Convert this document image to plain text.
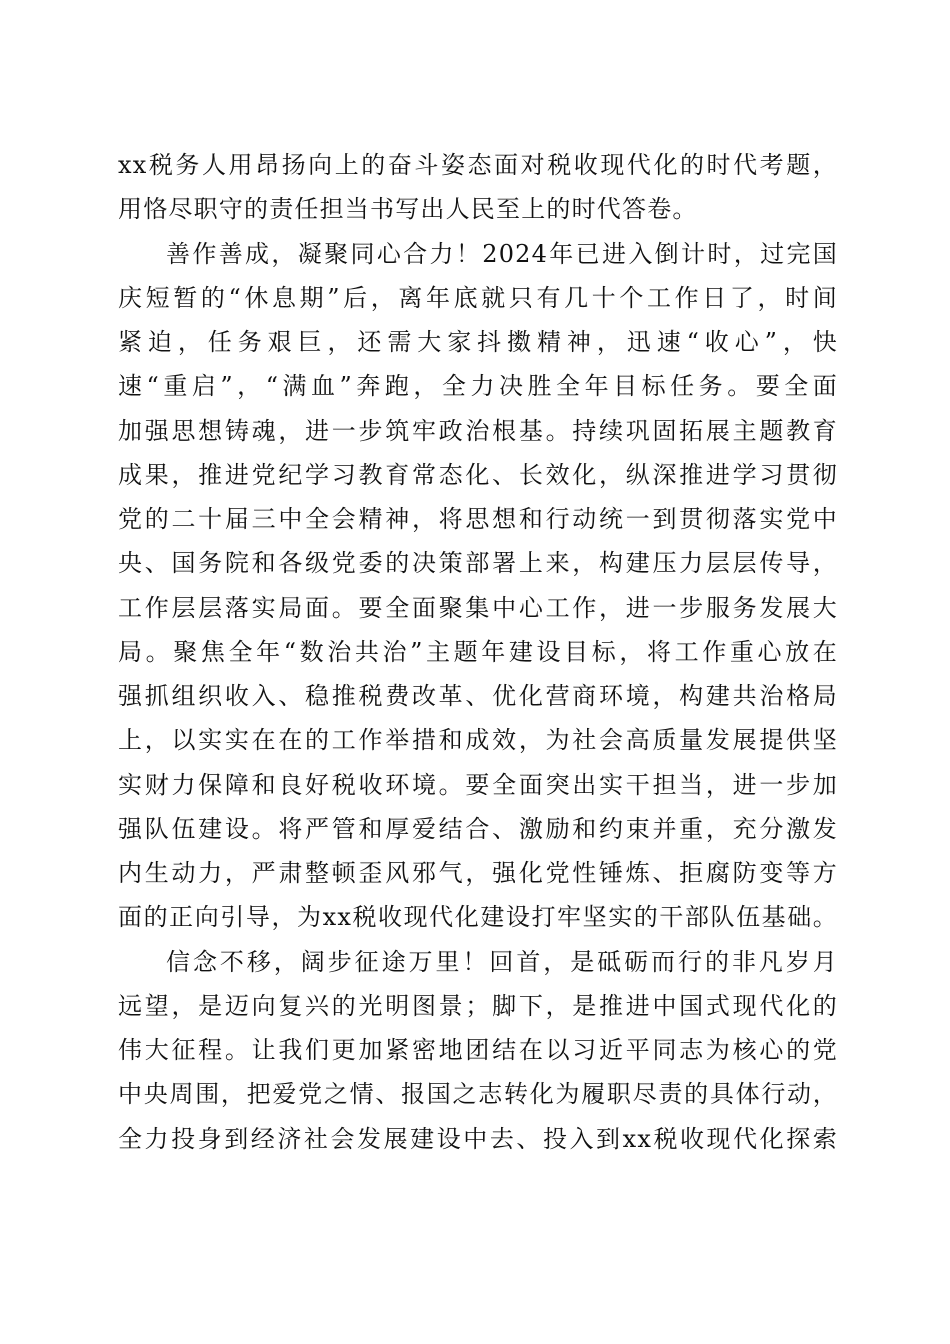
xx税务人用昂扬向上的奋斗姿态面对税收现代化的时代考题，
用恪尽职守的责任担当书写出人民至上的时代答卷。
善作善成，凝聚同心合力！2024年已进入倒计时，过完国
庆短暂的“休息期”后，离年底就只有几十个工作日了，时间
紧迫，任务艰巨，还需大家抖擞精神，迅速“收心”，快
速“重启”，“满血”奔跑，全力决胜全年目标任务。要全面
加强思想铸魂，进一步筑牢政治根基。持续巩固拓展主题教育
成果，推进党纪学习教育常态化、长效化，纵深推进学习贯彻
党的二十届三中全会精神，将思想和行动统一到贯彻落实党中
央、国务院和各级党委的决策部署上来，构建压力层层传导，
工作层层落实局面。要全面聚集中心工作，进一步服务发展大
局。聚焦全年“数治共治”主题年建设目标，将工作重心放在
强抓组织收入、稳推税费改革、优化营商环境，构建共治格局
上，以实实在在的工作举措和成效，为社会高质量发展提供坚
实财力保障和良好税收环境。要全面突出实干担当，进一步加
强队伍建设。将严管和厚爱结合、激励和约束并重，充分激发
内生动力，严肃整顿歪风邪气，强化党性锤炼、拒腐防变等方
面的正向引导，为xx税收现代化建设打牢坚实的干部队伍基础。
信念不移，阔步征途万里！回首，是砥砺而行的非凡岁月
远望，是迈向复兴的光明图景；脚下，是推进中国式现代化的
伟大征程。让我们更加紧密地团结在以习近平同志为核心的党
中央周围，把爱党之情、报国之志转化为履职尽责的具体行动，
全力投身到经济社会发展建设中去、投入到xx税收现代化探索
